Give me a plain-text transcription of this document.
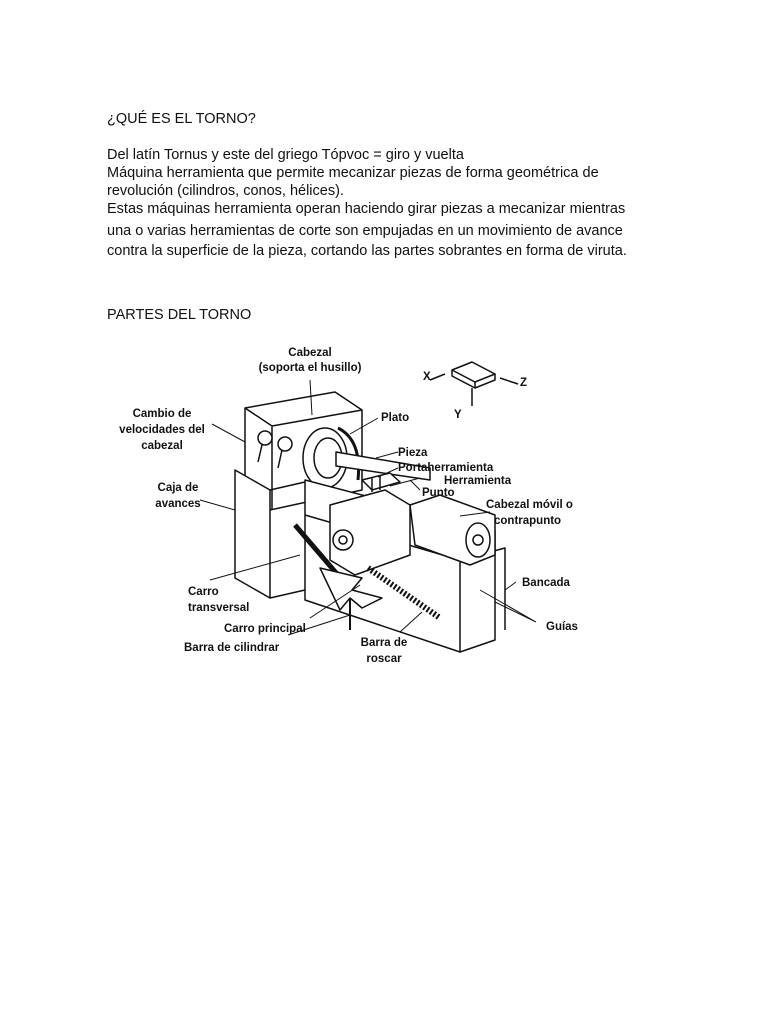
¿QUÉ ES EL TORNO?
Del latín Tornus y este del griego Tópvoc = giro y vuelta
Máquina herramienta que permite mecanizar piezas de forma geométrica de
revolución (cilindros, conos, hélices).
Estas máquinas herramienta operan haciendo girar piezas a mecanizar mientras
una o varias herramientas de corte son empujadas en un movimiento de avance
contra la superficie de la pieza, cortando las partes sobrantes en forma de viruta.
PARTES DEL TORNO
Cabezal
(soporta el husillo)
Cambio de
velocidades del
cabezal
Plato
Pieza
Portaherramienta
Herramienta
Punto
Caja de
avances	Cabezal móvil o
contrapunto
Carro
transversal
Carro principal
Barra de cilindrar	Barra de
roscar
Bancada
Guías
X	Z
Y
